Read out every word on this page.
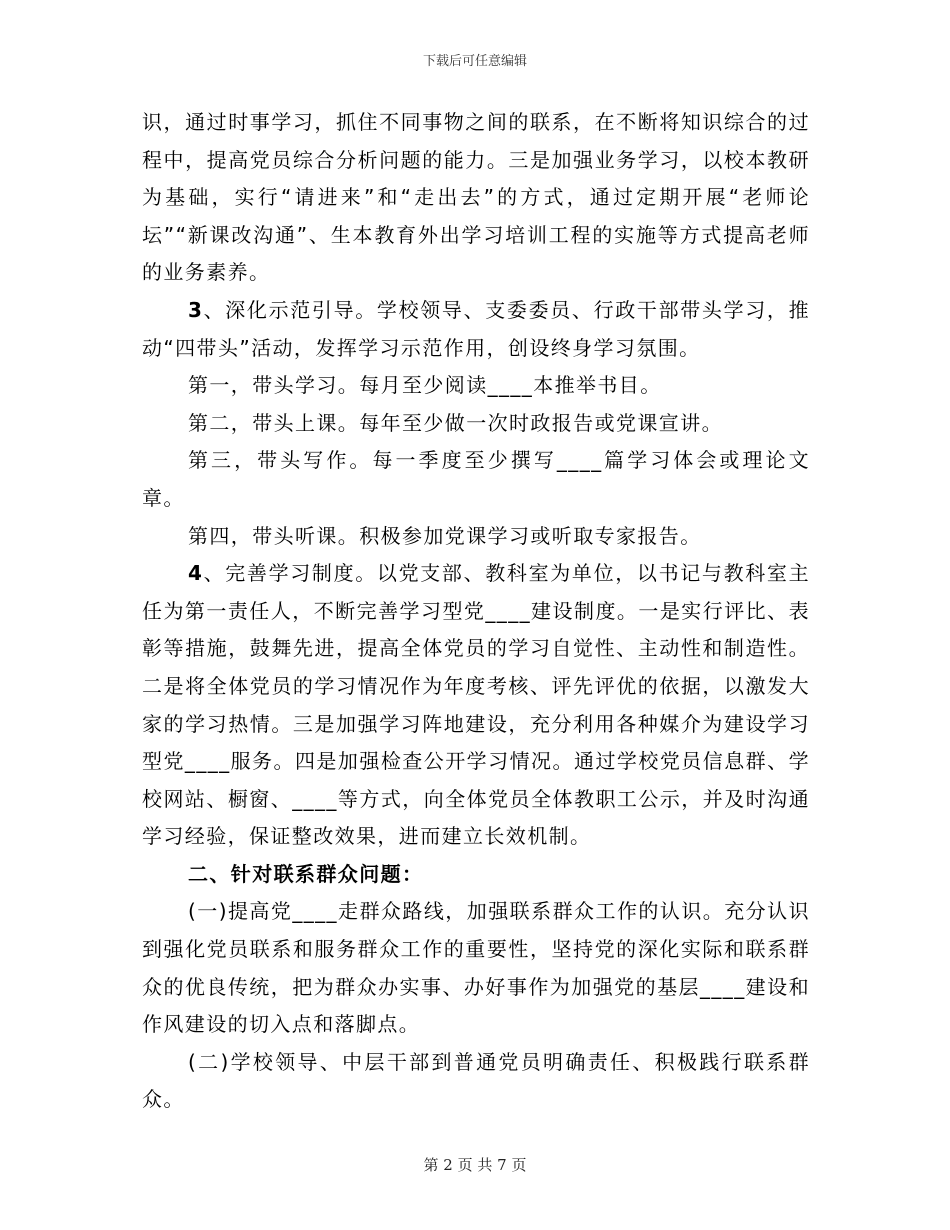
下载后可任意编辑

识，通过时事学习，抓住不同事物之间的联系，在不断将知识综合的过程中，提高党员综合分析问题的能力。三是加强业务学习，以校本教研为基础，实行“请进来”和“走出去”的方式，通过定期开展“老师论坛”“新课改沟通”、生本教育外出学习培训工程的实施等方式提高老师的业务素养。

3、深化示范引导。学校领导、支委委员、行政干部带头学习，推动“四带头”活动，发挥学习示范作用，创设终身学习氛围。

第一，带头学习。每月至少阅读____本推举书目。

第二，带头上课。每年至少做一次时政报告或党课宣讲。

第三，带头写作。每一季度至少撰写____篇学习体会或理论文章。

第四，带头听课。积极参加党课学习或听取专家报告。

4、完善学习制度。以党支部、教科室为单位，以书记与教科室主任为第一责任人，不断完善学习型党____建设制度。一是实行评比、表彰等措施，鼓舞先进，提高全体党员的学习自觉性、主动性和制造性。二是将全体党员的学习情况作为年度考核、评先评优的依据，以激发大家的学习热情。三是加强学习阵地建设，充分利用各种媒介为建设学习型党____服务。四是加强检查公开学习情况。通过学校党员信息群、学校网站、橱窗、____等方式，向全体党员全体教职工公示，并及时沟通学习经验，保证整改效果，进而建立长效机制。

二、针对联系群众问题：

(一)提高党____走群众路线，加强联系群众工作的认识。充分认识到强化党员联系和服务群众工作的重要性，坚持党的深化实际和联系群众的优良传统，把为群众办实事、办好事作为加强党的基层____建设和作风建设的切入点和落脚点。

(二)学校领导、中层干部到普通党员明确责任、积极践行联系群众。

第 2 页 共 7 页
